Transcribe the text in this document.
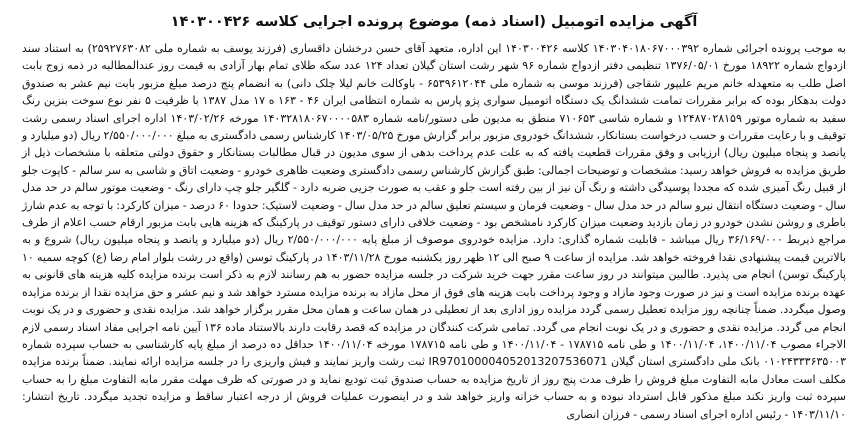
آگهی مزایده اتومبیل (اسناد ذمه) موضوع پرونده اجرایی کلاسه ۱۴۰۳۰۰۴۲۶

به موجب پرونده اجرائی شماره ۱۴۰۳۰۴۰۱۸۰۶۷۰۰۰۳۹۲ کلاسه ۱۴۰۳۰۰۴۲۶ این اداره، متعهد آقای حسن درخشان داقساری (فرزند یوسف به شماره ملی ۲۵۹۲۷۶۳۰۸۲) به استناد سند ازدواج شماره ۱۸۹۲۲ مورخ ۱۳۷۶/۰۵/۰۱ تنظیمی دفتر ازدواج شماره ۹۶ شهر رشت استان گیلان تعداد ۱۲۴ عدد سکه طلای تمام بهار آزادی به قیمت روز عندالمطالبه در ذمه زوج بابت اصل طلب به متعهدله خانم مریم علیپور شقاجی (فرزند موسی به شماره ملی ۶۵۳۹۶۱۲۰۴۴ - باوکالت خانم لیلا چلک دانی) به انضمام پنج درصد مبلغ مزبور بابت نیم عشر به صندوق دولت بدهکار بوده که برابر مقررات تمامت ششدانگ یک دستگاه اتومبیل سواری پژو پارس به شماره انتظامی ایران ۴۶ - ۱۶۳ ه ۱۷ مدل ۱۳۸۷ با ظرفیت ۵ نفر نوع سوخت بنزین رنگ سفید به شماره موتور ۱۲۴۸۷۰۲۸۱۵۹ و شماره شاسی ۷۱۰۶۵۳ منطق به مدیون طی دستور/نامه شماره ۱۴۰۳۲۸۱۸۰۶۷۰۰۰۰۵۸۳ مورخه ۱۴۰۳/۰۲/۲۶ اداره اجرای اسناد رسمی رشت توقیف و با رعایت مقررات و حسب درخواست بستانکار، ششدانگ خودروی مزبور برابر گزارش مورخ ۱۴۰۳/۰۵/۲۵ کارشناس رسمی دادگستری به مبلغ ۲/۵۵۰/۰۰۰/۰۰۰ ریال (دو میلیارد و پانصد و پنجاه میلیون ریال) ارزیابی و وفق مقررات قطعیت یافته که به علت عدم پرداخت بدهی از سوی مدیون در قبال مطالبات بستانکار و حقوق دولتی متعلقه با مشخصات ذیل از طریق مزایده به فروش خواهد رسید: مشخصات و توضیحات اجمالی: طبق گزارش کارشناس رسمی دادگستری وضعیت ظاهری خودرو - وضعیت اتاق و شاسی به سر سالم - کاپوت جلو از قبیل رنگ آمیزی شده که مجددا پوسیدگی داشته و رنگ آن نیز از بین رفته است جلو و عقب به صورت جزیی ضربه دارد - گلگیر جلو چپ دارای رنگ - وضعیت موتور سالم در حد مدل سال - وضعیت دستگاه انتقال نیرو سالم در حد مدل سال - وضعیت فرمان و سیستم تعلیق سالم در حد مدل سال - وضعیت لاستیک: حدودا ۶۰ درصد - میزان کارکرد: با توجه به عدم شارژ باطری و روشن نشدن خودرو در زمان بازدید وضعیت میزان کارکرد نامشخص بود - وضعیت خلافی دارای دستور توقیف در پارکینگ که هزینه هایی بابت مزبور ارقام حسب اعلام از طرف مراجع ذیربط ۳۶/۱۶۹/۰۰۰ ریال میباشد - قابلیت شماره گذاری: دارد. مزایده خودروی موصوف از مبلغ پایه ۲/۵۵۰/۰۰۰/۰۰۰ ریال (دو میلیارد و پانصد و پنجاه میلیون ریال) شروع و به بالاترین قیمت پیشنهادی نقدا فروخته خواهد شد. مزایده از ساعت ۹ صبح الی ۱۲ ظهر روز یکشنبه مورخ ۱۴۰۳/۱۱/۲۸ در پارکینگ توسن (واقع در رشت بلوار امام رضا (ع) کوچه سمیه ۱۰ پارکینگ توسن) انجام می پذیرد. طالبین میتوانند در روز ساعت مقرر جهت خرید شرکت در جلسه مزایده حضور به هم رسانند لازم به ذکر است برنده مزایده کلیه هزینه های قانونی به عهده برنده مزایده است و نیز در صورت وجود مازاد و وجود پرداخت بابت هزینه های فوق از محل مازاد به برنده مزایده مسترد خواهد شد و نیم عشر و حق مزایده نقدا از برنده مزایده وصول میگردد. ضمناً چنانچه روز مزایده تعطیل رسمی گردد مزایده روز اداری بعد از تعطیلی در همان ساعت و همان محل مقرر برگزار خواهد شد. مزایده نقدی و حضوری و در یک نوبت انجام می گردد. مزایده نقدی و حضوری و در یک نوبت انجام می گردد. تمامی شرکت کنندگان در مزایده که قصد رقابت دارند بالاستناد ماده ۱۳۶ آیین نامه اجرایی مفاد اسناد رسمی لازم الاجراء مصوب ۱۴۰۰/۱۱/۰۴، ۱۴۰۰/۱۱/۰۴ و طی نامه ۱۷۸۷۱۵ - ۱۴۰۰/۱۱/۰۴ و طی نامه ۱۷۸۷۱۵ مورخه ۱۴۰۰/۱۱/۰۴ حداقل ده درصد از مبلغ پایه کارشناسی به حساب سپرده شماره ۰۱۰۲۴۳۳۳۶۳۵۰۰۳ بانک ملی دادگستری استان گیلان IR970100004052013207536071 ثبت رشت واریز نمایند و فیش واریزی را در جلسه مزایده ارائه نمایند. ضمناً برنده مزایده مکلف است معادل مابه التفاوت مبلغ فروش را ظرف مدت پنج روز از تاریخ مزایده به حساب صندوق ثبت تودیع نماید و در صورتی که ظرف مهلت مقرر مابه التفاوت مبلغ را به حساب سپرده ثبت واریز نکند مبلغ مذکور قابل استرداد نبوده و به حساب خزانه واریز خواهد شد و در اینصورت عملیات فروش از درجه اعتبار ساقط و مزایده تجدید میگردد. تاریخ انتشار: ۱۴۰۳/۱۱/۱۰ - رئیس اداره اجرای اسناد رسمی - فرزان انصاری
